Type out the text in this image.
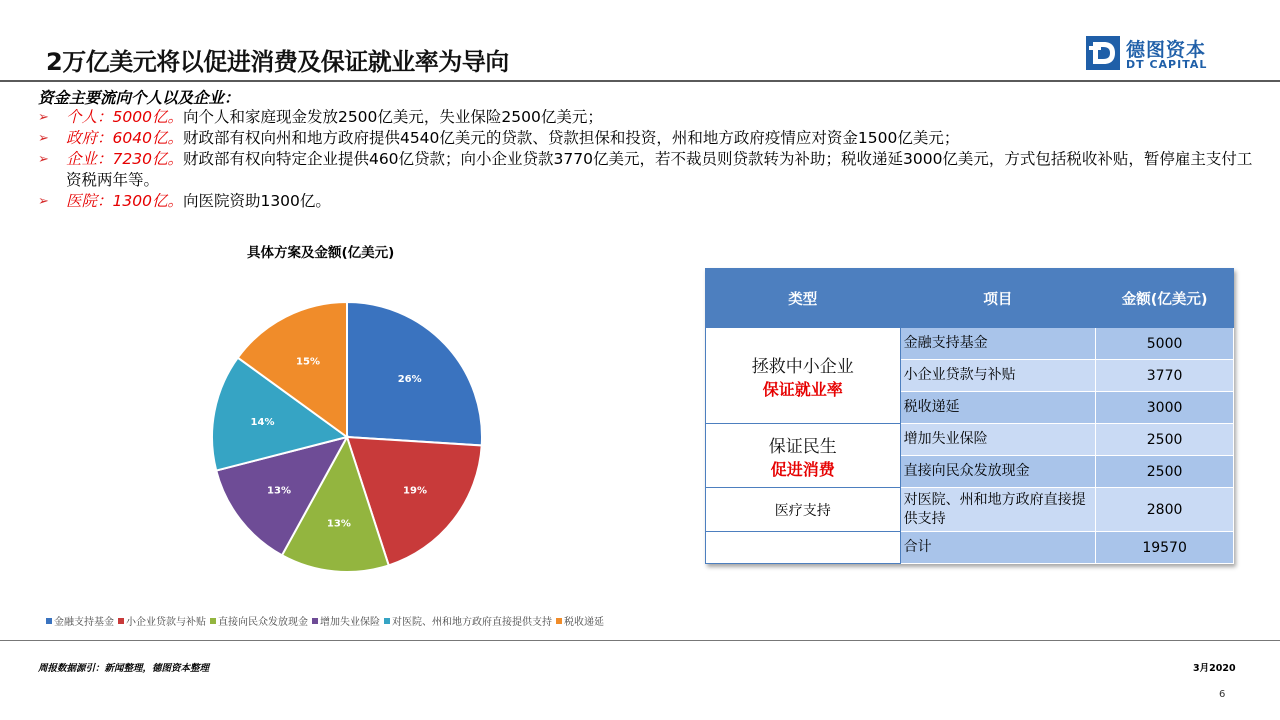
2万亿美元将以促进消费及保证就业率为导向	德图资本
DT CAPITAL
资金主要流向个人以及企业：
➢ 个人：5000亿。向个人和家庭现金发放2500亿美元，失业保险2500亿美元；
➢ 政府：6040亿。财政部有权向州和地方政府提供4540亿美元的贷款、贷款担保和投资，州和地方政府疫情应对资金1500亿美元；
➢ 企业：7230亿。财政部有权向特定企业提供460亿贷款；向小企业贷款3770亿美元，若不裁员则贷款转为补助；税收递延3000亿美元，方式包括税收补贴，暂停雇主支付工资税两年等。
➢ 医院：1300亿。向医院资助1300亿。
具体方案及金额(亿美元)
26%
19%
13%
13%
14%
15%
金融支持基金 小企业贷款与补贴 直接向民众发放现金 增加失业保险 对医院、州和地方政府直接提供支持 税收递延
类型	项目	金额(亿美元)

拯救中小企业
保证就业率	金融支持基金	5000
	小企业贷款与补贴	3770
	税收递延	3000

保证民生
促进消费	增加失业保险	2500
	直接向民众发放现金	2500

医疗支持	对医院、州和地方政府直接提供支持	2800
	合计	19570
周报数据源引：新闻整理，德图资本整理	3月2020
6
